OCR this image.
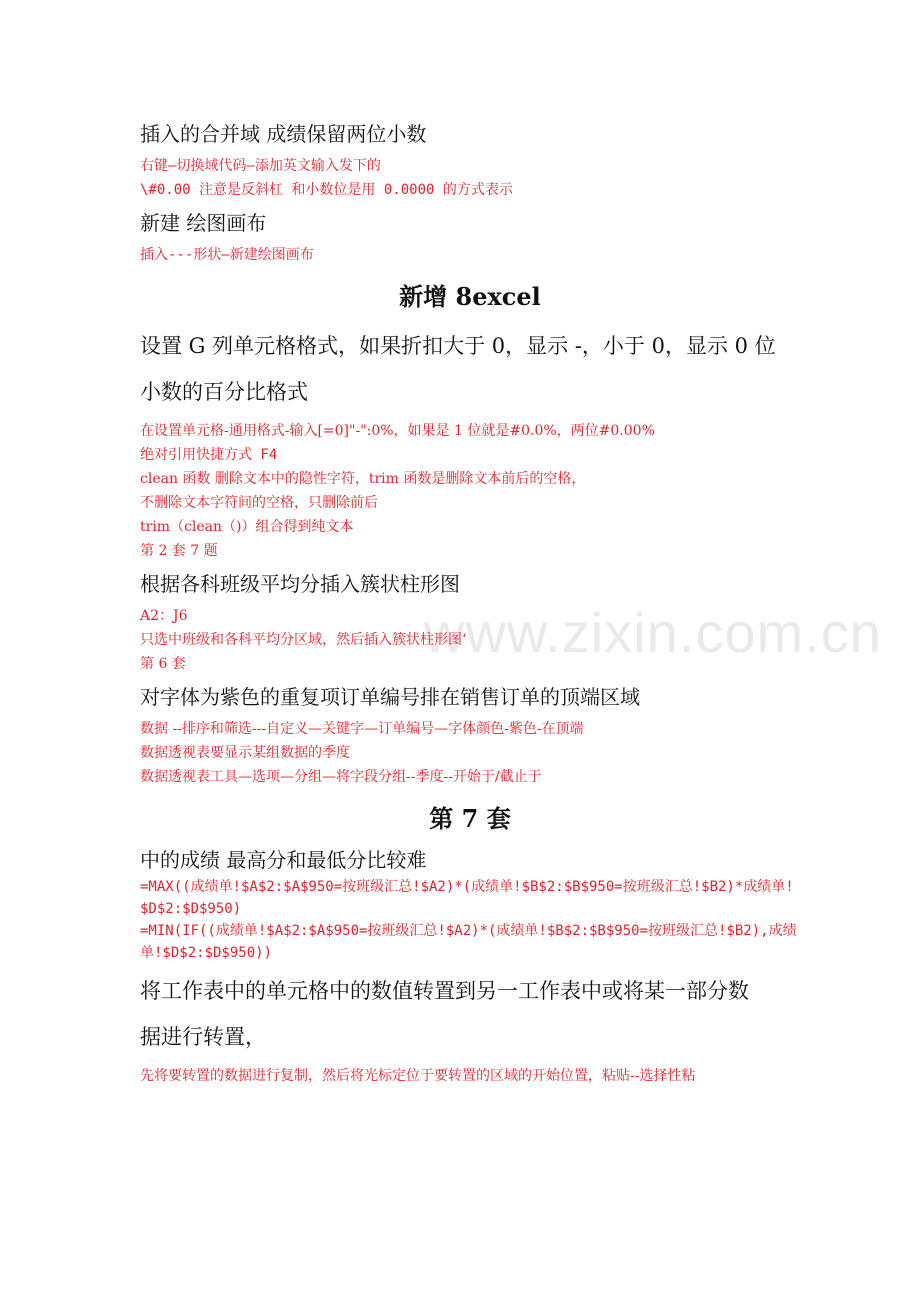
www.zixin.com.cn

插入的合并域 成绩保留两位小数

右键—切换域代码—添加英文输入发下的

\#0.00 注意是反斜杠 和小数位是用 0.0000 的方式表示

新建 绘图画布

插入---形状—新建绘图画布

新增 8excel

设置 G 列单元格格式，如果折扣大于 0，显示 -，小于 0，显示 0 位

小数的百分比格式

在设置单元格-通用格式-输入[=0]"-":0%，如果是 1 位就是#0.0%，两位#0.00%

绝对引用快捷方式 F4

clean 函数 删除文本中的隐性字符，trim 函数是删除文本前后的空格，

不删除文本字符间的空格，只删除前后

trim（clean（)）组合得到纯文本

第 2 套 7 题

根据各科班级平均分插入簇状柱形图

A2：J6

只选中班级和各科平均分区域，然后插入簇状柱形图‘

第 6 套

对字体为紫色的重复项订单编号排在销售订单的顶端区域

数据 --排序和筛选---自定义—关键字—订单编号—字体颜色-紫色-在顶端

数据透视表要显示某组数据的季度

数据透视表工具—选项—分组—将字段分组--季度--开始于/截止于

第 7 套

中的成绩 最高分和最低分比较难

=MAX((成绩单!$A$2:$A$950=按班级汇总!$A2)*(成绩单!$B$2:$B$950=按班级汇总!$B2)*成绩单!$D$2:$D$950)

=MIN(IF((成绩单!$A$2:$A$950=按班级汇总!$A2)*(成绩单!$B$2:$B$950=按班级汇总!$B2),成绩单!$D$2:$D$950))

将工作表中的单元格中的数值转置到另一工作表中或将某一部分数

据进行转置，

先将要转置的数据进行复制，然后将光标定位于要转置的区域的开始位置，粘贴--选择性粘
